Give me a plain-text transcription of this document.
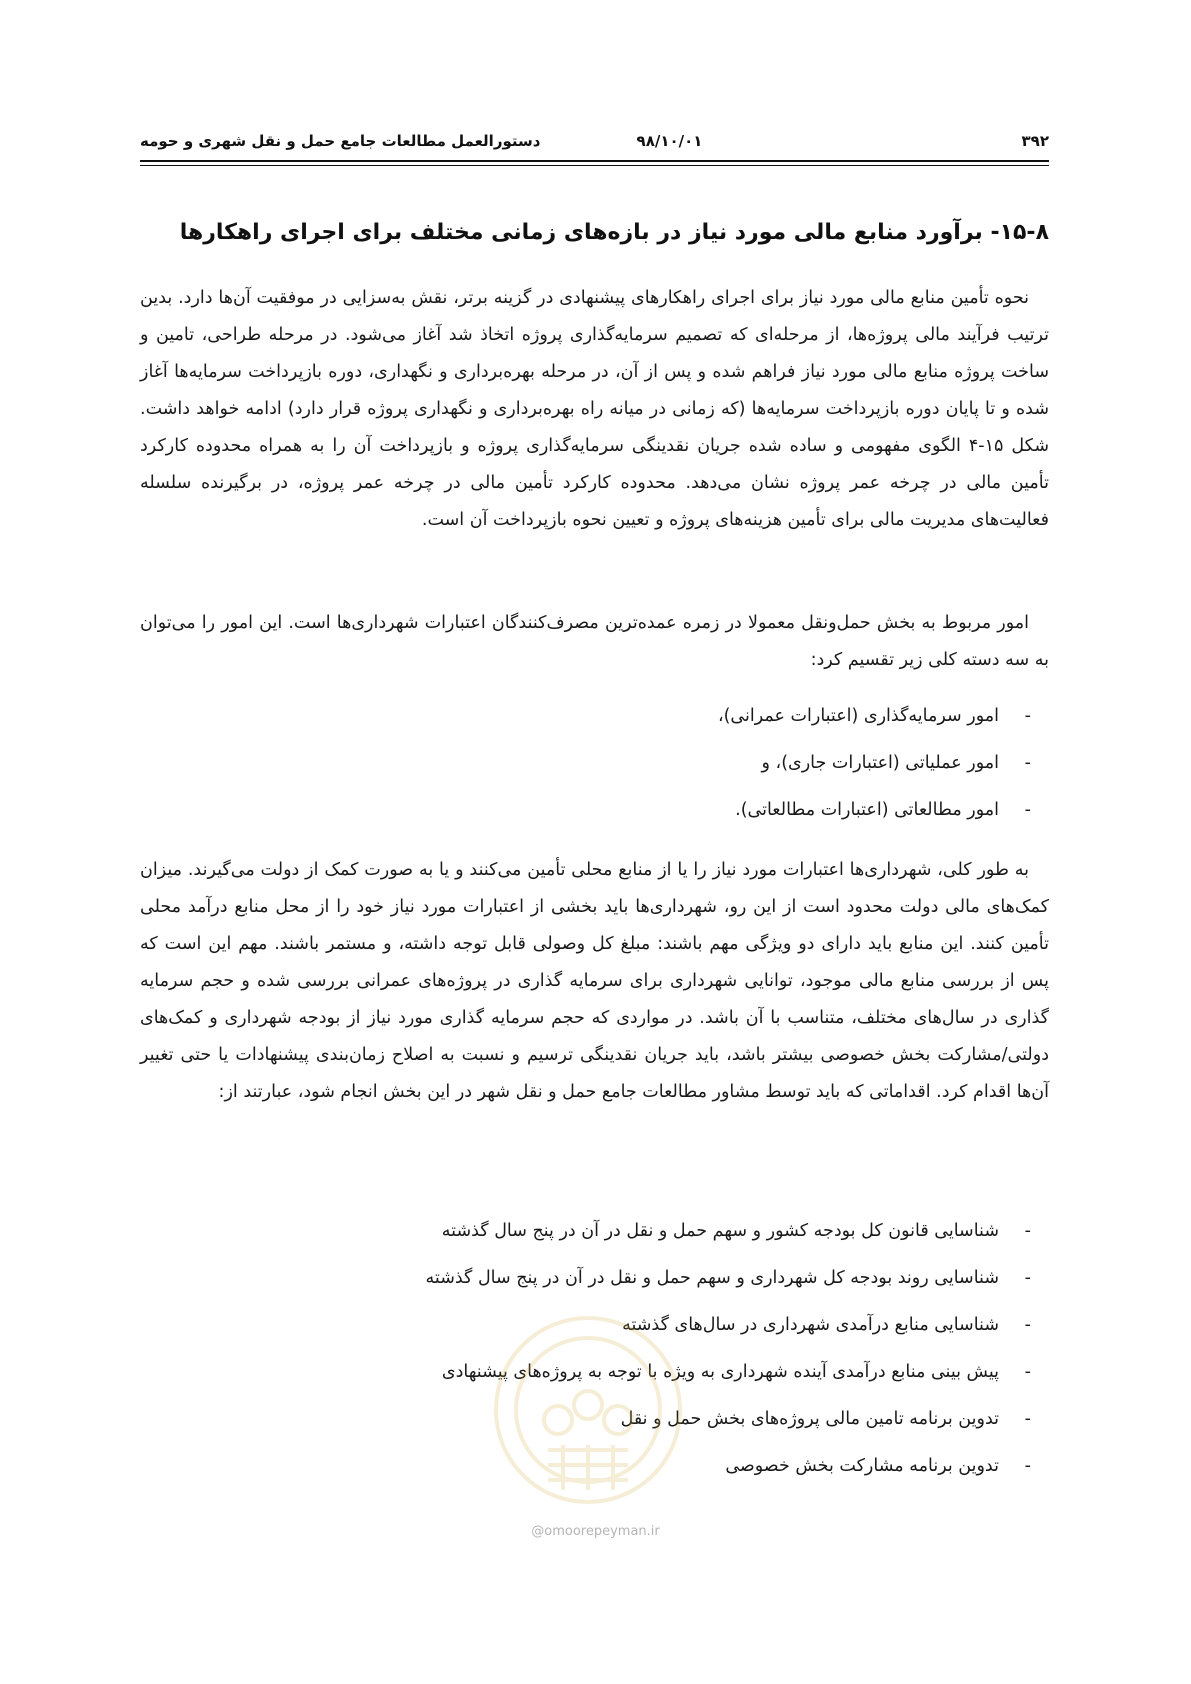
۳۹۲
۹۸/۱۰/۰۱
دستورالعمل مطالعات جامع حمل و نقل شهری و حومه
۱۵-۸- برآورد منابع مالی مورد نیاز در بازه‌های زمانی مختلف برای اجرای راهکارها

نحوه تأمین منابع مالی مورد نیاز برای اجرای راهکارهای پیشنهادی در گزینه برتر، نقش به‌سزایی در موفقیت آن‌ها دارد. بدین ترتیب فرآیند مالی پروژه‌ها، از مرحله‌ای که تصمیم سرمایه‌گذاری پروژه اتخاذ شد آغاز می‌شود. در مرحله طراحی، تامین و ساخت پروژه منابع مالی مورد نیاز فراهم شده و پس از آن، در مرحله بهره‌برداری و نگهداری، دوره بازپرداخت سرمایه‌ها آغاز شده و تا پایان دوره بازپرداخت سرمایه‌ها (که زمانی در میانه راه بهره‌برداری و نگهداری پروژه قرار دارد) ادامه خواهد داشت. شکل ۱۵-۴ الگوی مفهومی و ساده شده جریان نقدینگی سرمایه‌گذاری پروژه و بازپرداخت آن را به همراه محدوده کارکرد تأمین مالی در چرخه عمر پروژه نشان می‌دهد. محدوده کارکرد تأمین مالی در چرخه عمر پروژه، در برگیرنده سلسله فعالیت‌های مدیریت مالی برای تأمین هزینه‌های پروژه و تعیین نحوه بازپرداخت آن است.

امور مربوط به بخش حمل‌ونقل معمولا در زمره عمده‌ترین مصرف‌کنندگان اعتبارات شهرداری‌ها است. این امور را می‌توان به سه دسته کلی زیر تقسیم کرد:

-
امور سرمایه‌گذاری (اعتبارات عمرانی)،
-
امور عملیاتی (اعتبارات جاری)، و
-
امور مطالعاتی (اعتبارات مطالعاتی).

به طور کلی، شهرداری‌ها اعتبارات مورد نیاز را یا از منابع محلی تأمین می‌کنند و یا به صورت کمک از دولت می‌گیرند. میزان کمک‌های مالی دولت محدود است از این رو، شهرداری‌ها باید بخشی از اعتبارات مورد نیاز خود را از محل منابع درآمد محلی تأمین کنند. این منابع باید دارای دو ویژگی مهم باشند: مبلغ کل وصولی قابل توجه داشته، و مستمر باشند. مهم این است که پس از بررسی منابع مالی موجود، توانایی شهرداری برای سرمایه گذاری در پروژه‌های عمرانی بررسی شده و حجم سرمایه گذاری در سال‌های مختلف، متناسب با آن باشد. در مواردی که حجم سرمایه گذاری مورد نیاز از بودجه شهرداری و کمک‌های دولتی/مشارکت بخش خصوصی بیشتر باشد، باید جریان نقدینگی ترسیم و نسبت به اصلاح زمان‌بندی پیشنهادات یا حتی تغییر آن‌ها اقدام کرد. اقداماتی که باید توسط مشاور مطالعات جامع حمل و نقل شهر در این بخش انجام شود، عبارتند از:

-
شناسایی قانون کل بودجه کشور و سهم حمل و نقل در آن در پنج سال گذشته
-
شناسایی روند بودجه کل شهرداری و سهم حمل و نقل در آن در پنج سال گذشته
-
شناسایی منابع درآمدی شهرداری در سال‌های گذشته
-
پیش بینی منابع درآمدی آینده شهرداری به ویژه با توجه به پروژه‌های پیشنهادی
-
تدوین برنامه تامین مالی پروژه‌های بخش حمل و نقل
-
تدوین برنامه مشارکت بخش خصوصی
@omoorepeyman.ir
